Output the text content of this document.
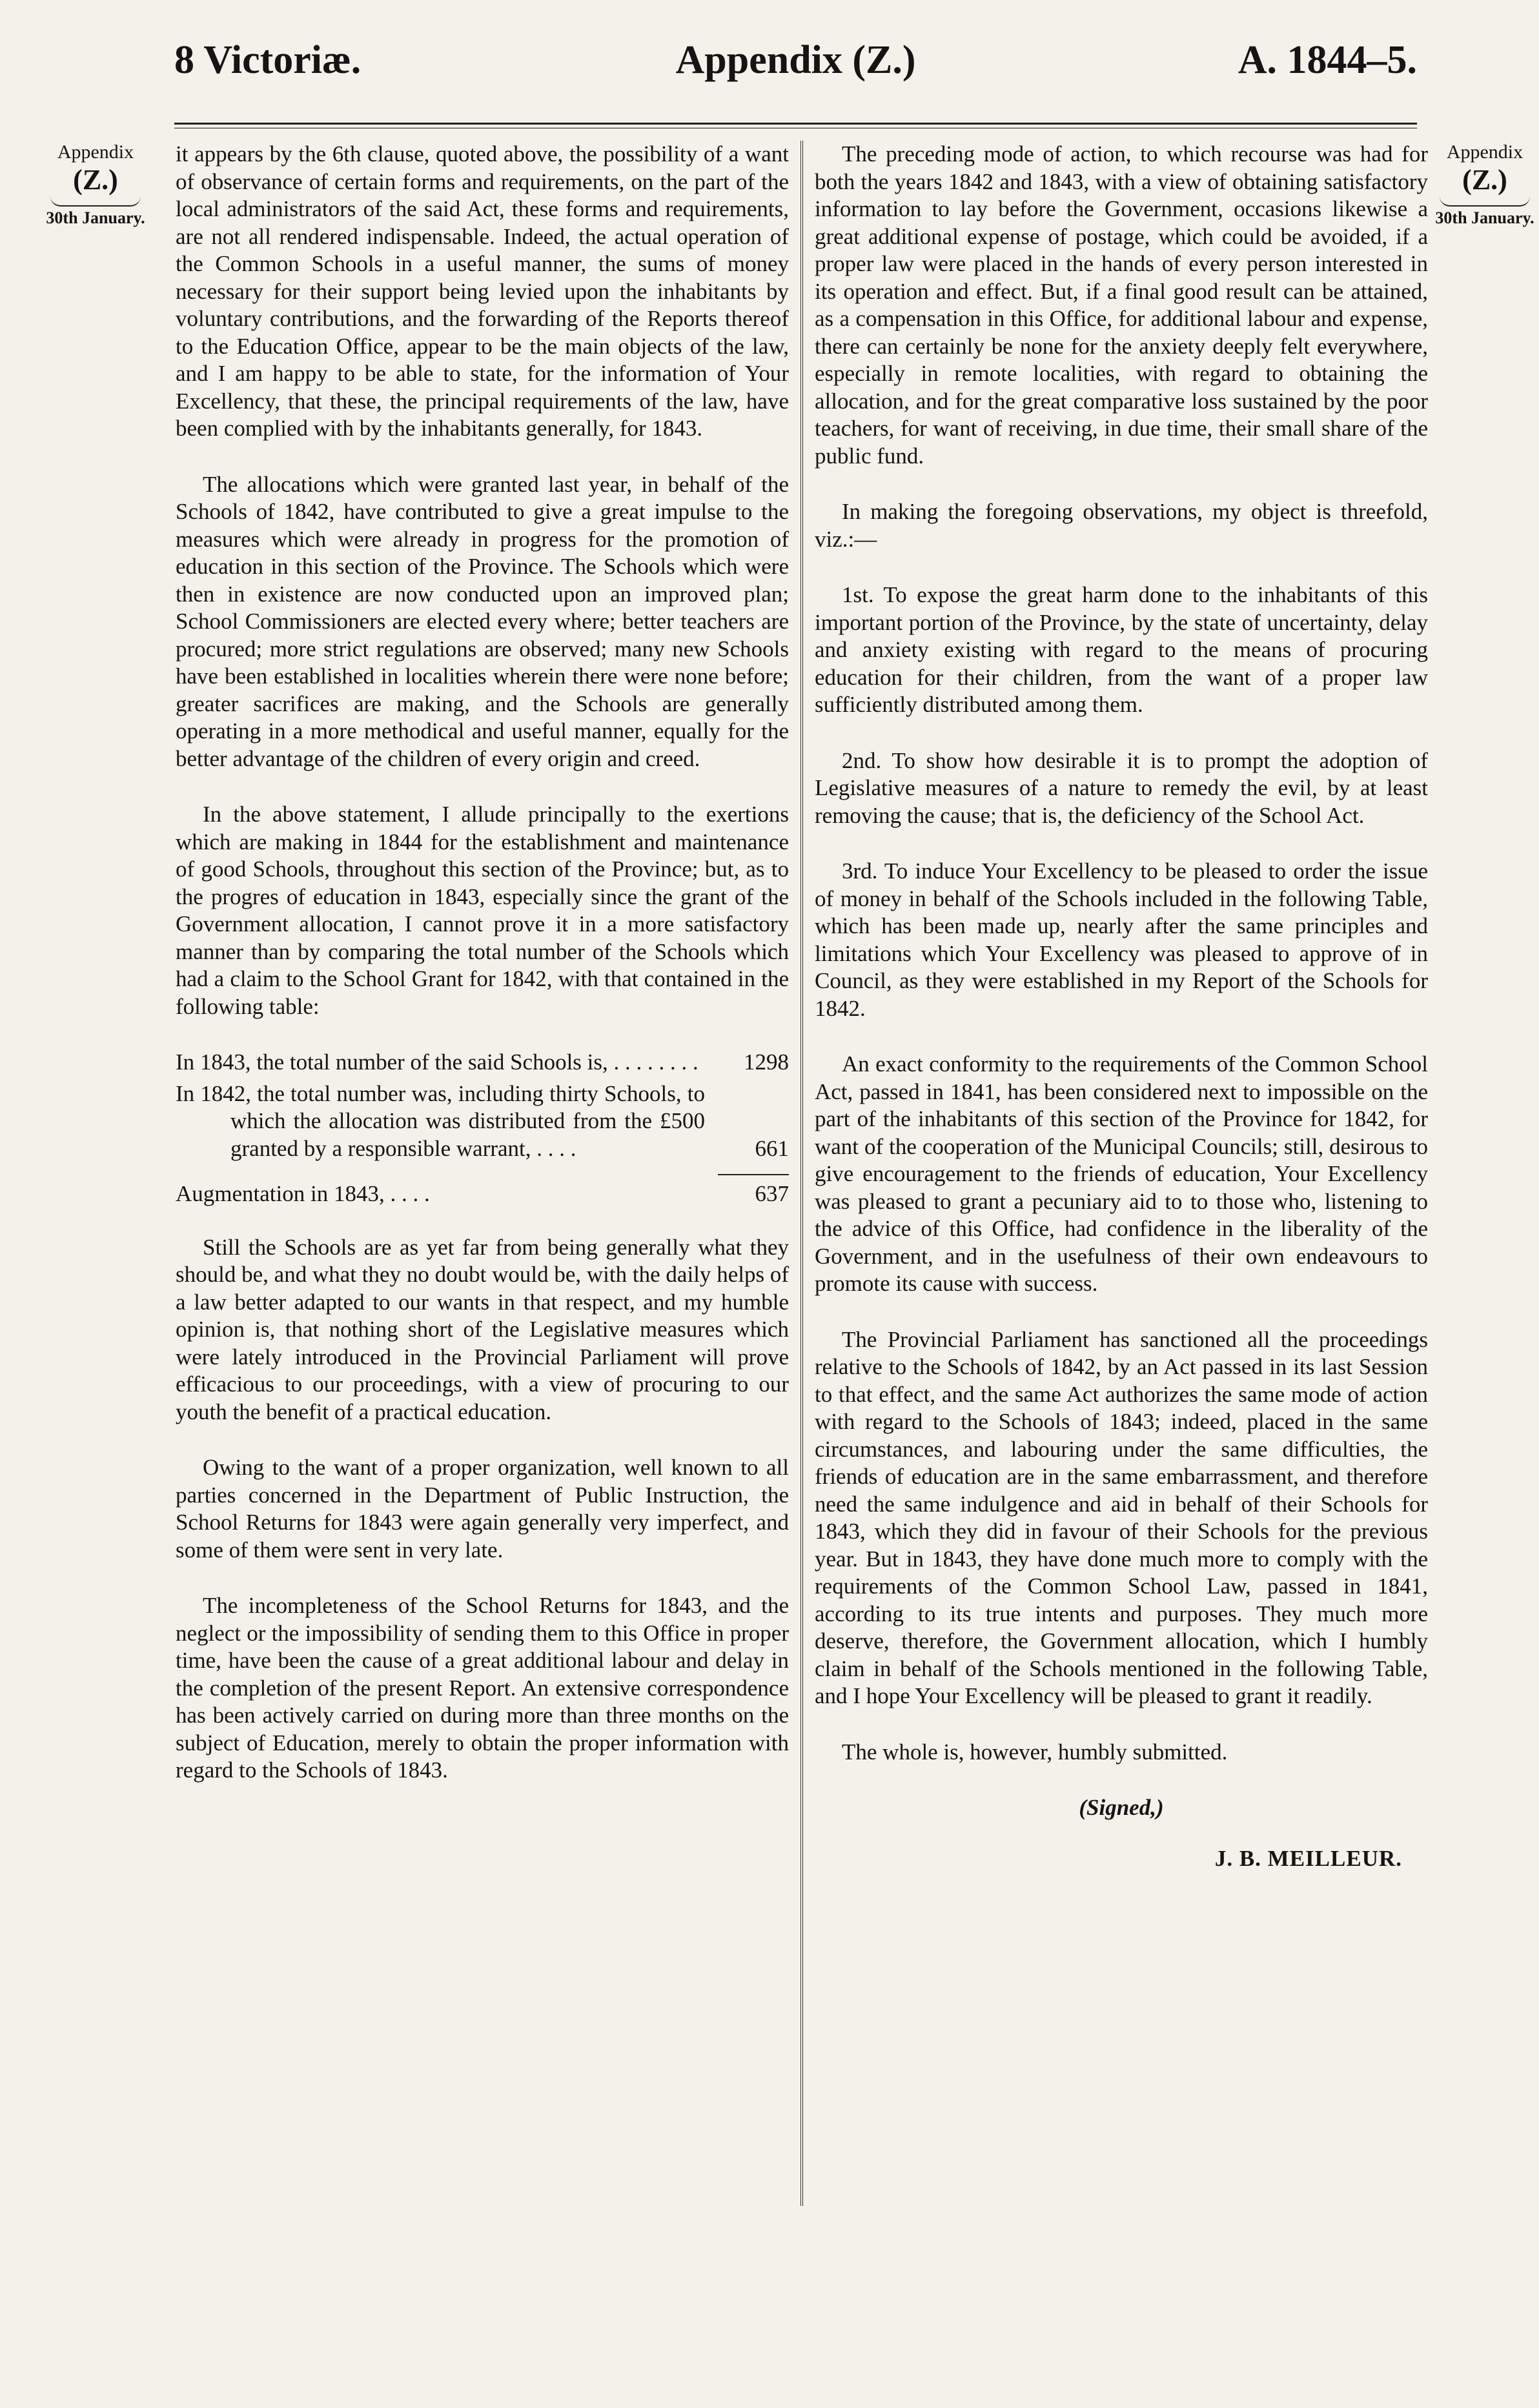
8 Victoriæ.	Appendix (Z.)	A. 1844–5.
Appendix
(Z.)
30th January.
Appendix
(Z.)
30th January.

it appears by the 6th clause, quoted above, the possibility of a want of observance of certain forms and requirements, on the part of the local administrators of the said Act, these forms and requirements, are not all rendered indispensable. Indeed, the actual operation of the Common Schools in a useful manner, the sums of money necessary for their support being levied upon the inhabitants by voluntary contributions, and the forwarding of the Reports thereof to the Education Office, appear to be the main objects of the law, and I am happy to be able to state, for the information of Your Excellency, that these, the principal requirements of the law, have been complied with by the inhabitants generally, for 1843.

The allocations which were granted last year, in behalf of the Schools of 1842, have contributed to give a great impulse to the measures which were already in progress for the promotion of education in this section of the Province. The Schools which were then in existence are now conducted upon an improved plan; School Commissioners are elected every where; better teachers are procured; more strict regulations are observed; many new Schools have been established in localities wherein there were none before; greater sacrifices are making, and the Schools are generally operating in a more methodical and useful manner, equally for the better advantage of the children of every origin and creed.

In the above statement, I allude principally to the exertions which are making in 1844 for the establishment and maintenance of good Schools, throughout this section of the Province; but, as to the progres of education in 1843, especially since the grant of the Government allocation, I cannot prove it in a more satisfactory manner than by comparing the total number of the Schools which had a claim to the School Grant for 1842, with that contained in the following table:

In 1843, the total number of the said Schools is, . . . . . . . . 1298
In 1842, the total number was, including thirty Schools, to which the allocation was distributed from the £500 granted by a responsible warrant, . . . .	661
Augmentation in 1843, . . . .	637

Still the Schools are as yet far from being generally what they should be, and what they no doubt would be, with the daily helps of a law better adapted to our wants in that respect, and my humble opinion is, that nothing short of the Legislative measures which were lately introduced in the Provincial Parliament will prove efficacious to our proceedings, with a view of procuring to our youth the benefit of a practical education.

Owing to the want of a proper organization, well known to all parties concerned in the Department of Public Instruction, the School Returns for 1843 were again generally very imperfect, and some of them were sent in very late.

The incompleteness of the School Returns for 1843, and the neglect or the impossibility of sending them to this Office in proper time, have been the cause of a great additional labour and delay in the completion of the present Report. An extensive correspondence has been actively carried on during more than three months on the subject of Education, merely to obtain the proper information with regard to the Schools of 1843.

The preceding mode of action, to which recourse was had for both the years 1842 and 1843, with a view of obtaining satisfactory information to lay before the Government, occasions likewise a great additional expense of postage, which could be avoided, if a proper law were placed in the hands of every person interested in its operation and effect. But, if a final good result can be attained, as a compensation in this Office, for additional labour and expense, there can certainly be none for the anxiety deeply felt everywhere, especially in remote localities, with regard to obtaining the allocation, and for the great comparative loss sustained by the poor teachers, for want of receiving, in due time, their small share of the public fund.

In making the foregoing observations, my object is threefold, viz.:—

1st. To expose the great harm done to the inhabitants of this important portion of the Province, by the state of uncertainty, delay and anxiety existing with regard to the means of procuring education for their children, from the want of a proper law sufficiently distributed among them.

2nd. To show how desirable it is to prompt the adoption of Legislative measures of a nature to remedy the evil, by at least removing the cause; that is, the deficiency of the School Act.

3rd. To induce Your Excellency to be pleased to order the issue of money in behalf of the Schools included in the following Table, which has been made up, nearly after the same principles and limitations which Your Excellency was pleased to approve of in Council, as they were established in my Report of the Schools for 1842.

An exact conformity to the requirements of the Common School Act, passed in 1841, has been considered next to impossible on the part of the inhabitants of this section of the Province for 1842, for want of the cooperation of the Municipal Councils; still, desirous to give encouragement to the friends of education, Your Excellency was pleased to grant a pecuniary aid to to those who, listening to the advice of this Office, had confidence in the liberality of the Government, and in the usefulness of their own endeavours to promote its cause with success.

The Provincial Parliament has sanctioned all the proceedings relative to the Schools of 1842, by an Act passed in its last Session to that effect, and the same Act authorizes the same mode of action with regard to the Schools of 1843; indeed, placed in the same circumstances, and labouring under the same difficulties, the friends of education are in the same embarrassment, and therefore need the same indulgence and aid in behalf of their Schools for 1843, which they did in favour of their Schools for the previous year. But in 1843, they have done much more to comply with the requirements of the Common School Law, passed in 1841, according to its true intents and purposes. They much more deserve, therefore, the Government allocation, which I humbly claim in behalf of the Schools mentioned in the following Table, and I hope Your Excellency will be pleased to grant it readily.

The whole is, however, humbly submitted.

(Signed,)
J. B. MEILLEUR.
